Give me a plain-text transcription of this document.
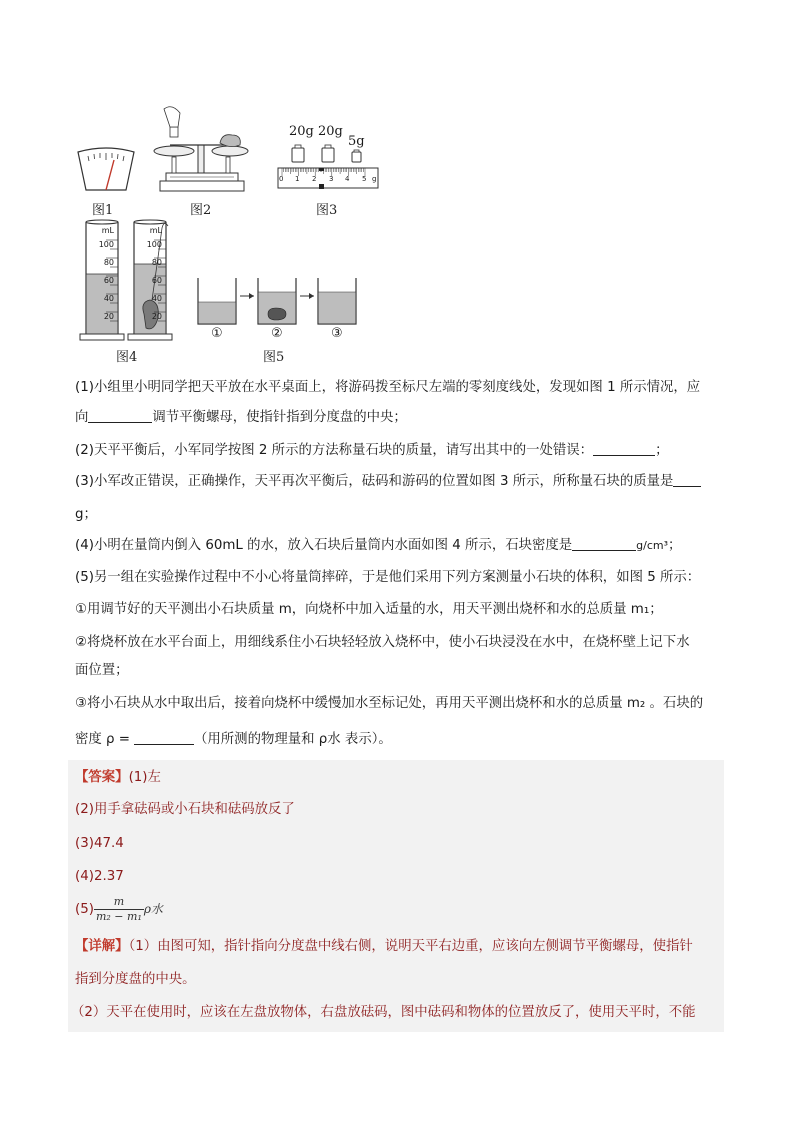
图1	图2
20g 20g
5g
0 1 2 3 4 5 g
图3
mL
100
80
60
40
20
mL
100
80
60
40
20
图4
①	②	③
图5
(1)小组里小明同学把天平放在水平桌面上，将游码拨至标尺左端的零刻度线处，发现如图 1 所示情况，应
向	调节平衡螺母，使指针指到分度盘的中央；
(2)天平平衡后，小军同学按图 2 所示的方法称量石块的质量，请写出其中的一处错误：	；
(3)小军改正错误，正确操作，天平再次平衡后，砝码和游码的位置如图 3 所示，所称量石块的质量是
g；
(4)小明在量筒内倒入 60mL 的水，放入石块后量筒内水面如图 4 所示，石块密度是	g/cm³；
(5)另一组在实验操作过程中不小心将量筒摔碎，于是他们采用下列方案测量小石块的体积，如图 5 所示：
①用调节好的天平测出小石块质量 m，向烧杯中加入适量的水，用天平测出烧杯和水的总质量 m₁；
②将烧杯放在水平台面上，用细线系住小石块轻轻放入烧杯中，使小石块浸没在水中，在烧杯壁上记下水
面位置；
③将小石块从水中取出后，接着向烧杯中缓慢加水至标记处，再用天平测出烧杯和水的总质量 m₂ 。石块的
密度 ρ =	（用所测的物理量和 ρ水 表示）。
【答案】(1)左
(2)用手拿砝码或小石块和砝码放反了
(3)47.4
(4)2.37
$(5) \frac{m}{\text{m₂ − m₁}}$ ρ水
【详解】（1）由图可知，指针指向分度盘中线右侧，说明天平右边重，应该向左侧调节平衡螺母，使指针
指到分度盘的中央。
（2）天平在使用时，应该在左盘放物体，右盘放砝码，图中砝码和物体的位置放反了，使用天平时，不能
